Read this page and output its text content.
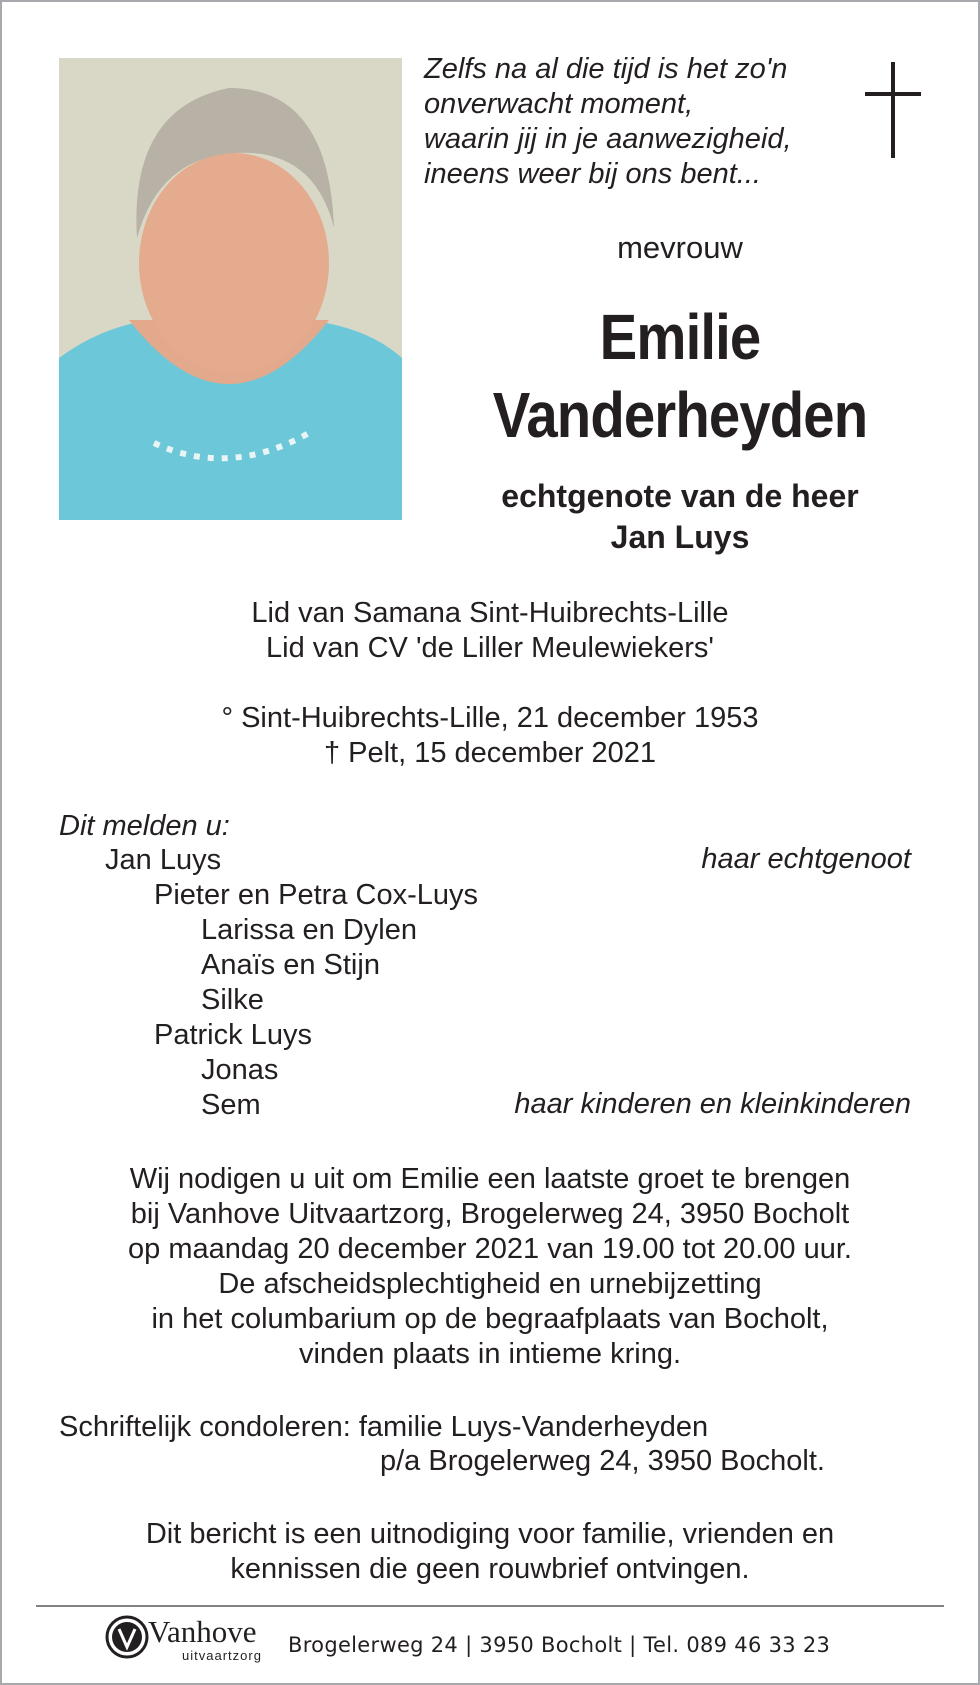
Zelfs na al die tijd is het zo'n
onverwacht moment,
waarin jij in je aanwezigheid,
ineens weer bij ons bent...
mevrouw
Emilie
Vanderheyden
echtgenote van de heer
Jan Luys
Lid van Samana Sint-Huibrechts-Lille
Lid van CV 'de Liller Meulewiekers'
° Sint-Huibrechts-Lille, 21 december 1953
† Pelt, 15 december 2021
Dit melden u:
Jan Luys
Pieter en Petra Cox-Luys
Larissa en Dylen
Anaïs en Stijn
Silke
Patrick Luys
Jonas
Sem
haar echtgenoot
haar kinderen en kleinkinderen
Wij nodigen u uit om Emilie een laatste groet te brengen
bij Vanhove Uitvaartzorg, Brogelerweg 24, 3950 Bocholt
op maandag 20 december 2021 van 19.00 tot 20.00 uur.
De afscheidsplechtigheid en urnebijzetting
in het columbarium op de begraafplaats van Bocholt,
vinden plaats in intieme kring.
Schriftelijk condoleren: familie Luys-Vanderheyden
p/a Brogelerweg 24, 3950 Bocholt.
Dit bericht is een uitnodiging voor familie, vrienden en
kennissen die geen rouwbrief ontvingen.
Vanhove
uitvaartzorg Brogelerweg 24 | 3950 Bocholt | Tel. 089 46 33 23
